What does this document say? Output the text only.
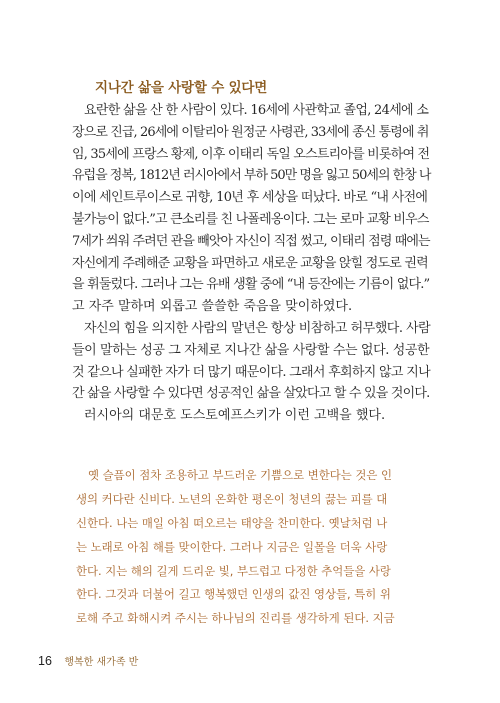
지나간 삶을 사랑할 수 있다면
요란한 삶을 산 한 사람이 있다. 16세에 사관학교 졸업, 24세에 소
장으로 진급, 26세에 이탈리아 원정군 사령관, 33세에 종신 통령에 취
임, 35세에 프랑스 황제, 이후 이태리 독일 오스트리아를 비롯하여 전
유럽을 정복, 1812년 러시아에서 부하 50만 명을 잃고 50세의 한창 나
이에 세인트루이스로 귀향, 10년 후 세상을 떠났다. 바로 “내 사전에
불가능이 없다.”고 큰소리를 친 나폴레옹이다. 그는 로마 교황 비우스
7세가 씌워 주려던 관을 빼앗아 자신이 직접 썼고, 이태리 점령 때에는
자신에게 주례해준 교황을 파면하고 새로운 교황을 앉힐 정도로 권력
을 휘둘렀다. 그러나 그는 유배 생활 중에 “내 등잔에는 기름이 없다.”
고 자주 말하며 외롭고 쓸쓸한 죽음을 맞이하였다.
자신의 힘을 의지한 사람의 말년은 항상 비참하고 허무했다. 사람
들이 말하는 성공 그 자체로 지나간 삶을 사랑할 수는 없다. 성공한
것 같으나 실패한 자가 더 많기 때문이다. 그래서 후회하지 않고 지나
간 삶을 사랑할 수 있다면 성공적인 삶을 살았다고 할 수 있을 것이다.
러시아의 대문호 도스토예프스키가 이런 고백을 했다.
옛 슬픔이 점차 조용하고 부드러운 기쁨으로 변한다는 것은 인
생의 커다란 신비다. 노년의 온화한 평온이 청년의 끓는 피를 대
신한다. 나는 매일 아침 떠오르는 태양을 찬미한다. 옛날처럼 나
는 노래로 아침 해를 맞이한다. 그러나 지금은 일몰을 더욱 사랑
한다. 지는 해의 길게 드리운 빛, 부드럽고 다정한 추억들을 사랑
한다. 그것과 더불어 길고 행복했던 인생의 값진 영상들, 특히 위
로해 주고 화해시켜 주시는 하나님의 진리를 생각하게 된다. 지금
16 행복한 새가족 반
